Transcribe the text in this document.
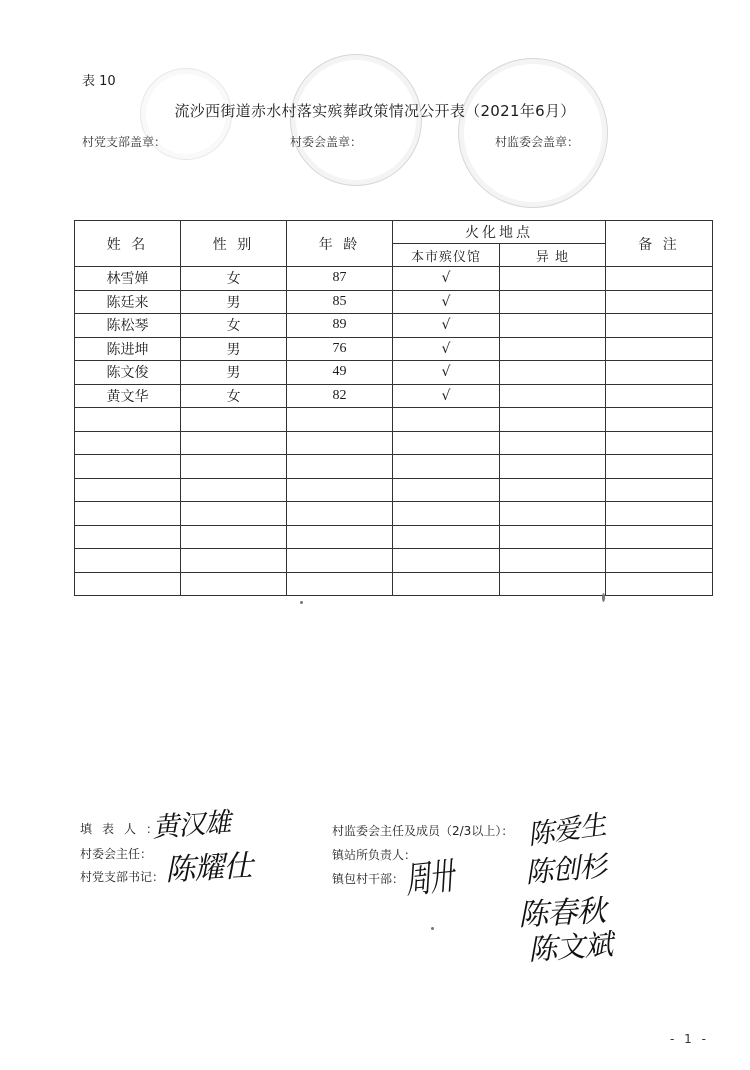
表 10
流沙西街道赤水村落实殡葬政策情况公开表（2021年6月）
村党支部盖章：	村委会盖章：	村监委会盖章：
姓 名	性 别	年 龄	火化地点		备 注
			本市殡仪馆	异 地	
林雪婵	女	87	√		
陈廷来	男	85	√		
陈松琴	女	89	√		
陈进坤	男	76	√		
陈文俊	男	49	√		
黄文华	女	82	√		

填表人：
村委会主任：
村党支部书记：
村监委会主任及成员（2/3以上）：
镇站所负责人：
镇包村干部：
黄汉雄
陈耀仕	周卅
陈爱生
陈创杉
陈春秋
陈文斌
- 1 -
